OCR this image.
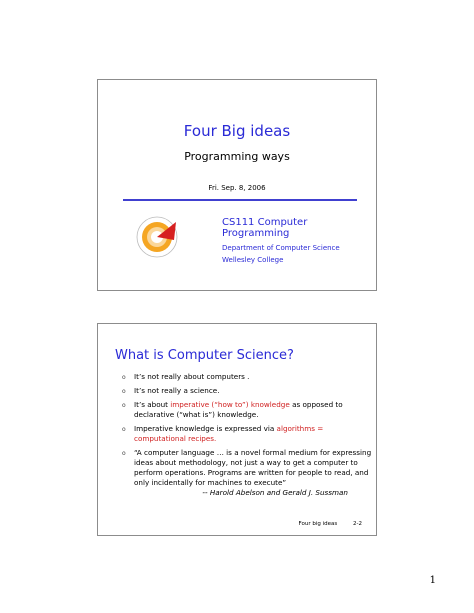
Four Big ideas
Programming ways
Fri. Sep. 8, 2006
CS111 Computer Programming
Department of Computer Science
Wellesley College
What is Computer Science?
o It’s not really about computers .
o It’s not really a science.
o It’s about imperative (“how to”) knowledge as opposed to declarative (“what is”) knowledge.
o Imperative knowledge is expressed via algorithms = computational recipes.
o “A computer language … is a novel formal medium for expressing ideas about methodology, not just a way to get a computer to perform operations. Programs are written for people to read, and only incidentally for machines to execute”
-- Harold Abelson and Gerald J. Sussman
Four big ideas	2-2
1
